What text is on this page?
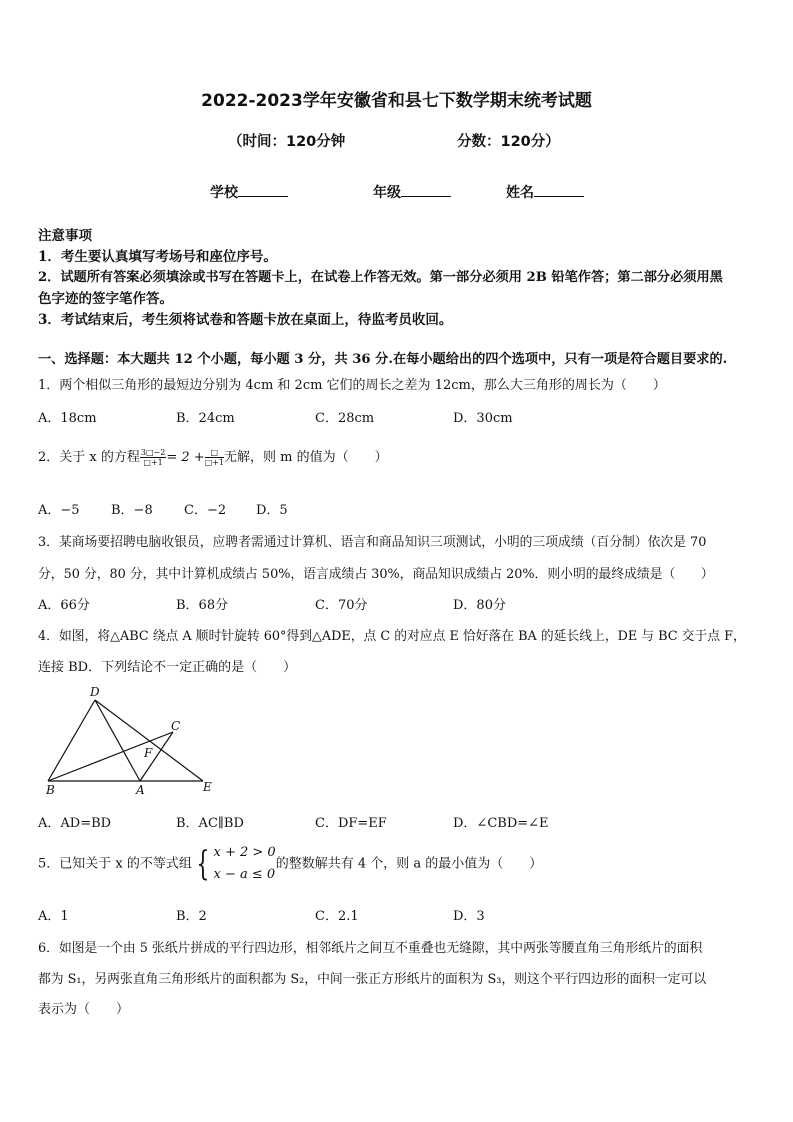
2022-2023学年安徽省和县七下数学期末统考试题
（时间：120分钟	分数：120分）
学校	年级	姓名
注意事项
1．考生要认真填写考场号和座位序号。
2．试题所有答案必须填涂或书写在答题卡上，在试卷上作答无效。第一部分必须用 2B 铅笔作答；第二部分必须用黑
色字迹的签字笔作答。
3．考试结束后，考生须将试卷和答题卡放在桌面上，待监考员收回。
一、选择题：本大题共 12 个小题，每小题 3 分，共 36 分.在每小题给出的四个选项中，只有一项是符合题目要求的.
1．两个相似三角形的最短边分别为 4cm 和 2cm 它们的周长之差为 12cm，那么大三角形的周长为（　　）
A．18cm	B．24cm	C．28cm	D．30cm
2．关于 x 的方程 $\frac{3□-2}{□+1} = 2 + \frac{□}{□+1}$ 无解，则 m 的值为（　　）
A．−5 B．−8 C．−2 D．5
3．某商场要招聘电脑收银员，应聘者需通过计算机、语言和商品知识三项测试，小明的三项成绩（百分制）依次是 70
分，50 分，80 分，其中计算机成绩占 50%，语言成绩占 30%，商品知识成绩占 20%．则小明的最终成绩是（　　）
A．66分	B．68分	C．70分	D．80分
4．如图，将△ABC 绕点 A 顺时针旋转 60°得到△ADE，点 C 的对应点 E 恰好落在 BA 的延长线上，DE 与 BC 交于点 F，
连接 BD．下列结论不一定正确的是（　　）
D
C
F
B	A	E
A．AD=BD	B．AC∥BD	C．DF=EF	D．∠CBD=∠E
5．已知关于 x 的不等式组 { x + 2 > 0
x − a ≤ 0
的整数解共有 4 个，则 a 的最小值为（　　）
A．1	B．2	C．2.1	D．3
6．如图是一个由 5 张纸片拼成的平行四边形，相邻纸片之间互不重叠也无缝隙，其中两张等腰直角三角形纸片的面积
都为 S₁，另两张直角三角形纸片的面积都为 S₂，中间一张正方形纸片的面积为 S₃，则这个平行四边形的面积一定可以
表示为（　　）
